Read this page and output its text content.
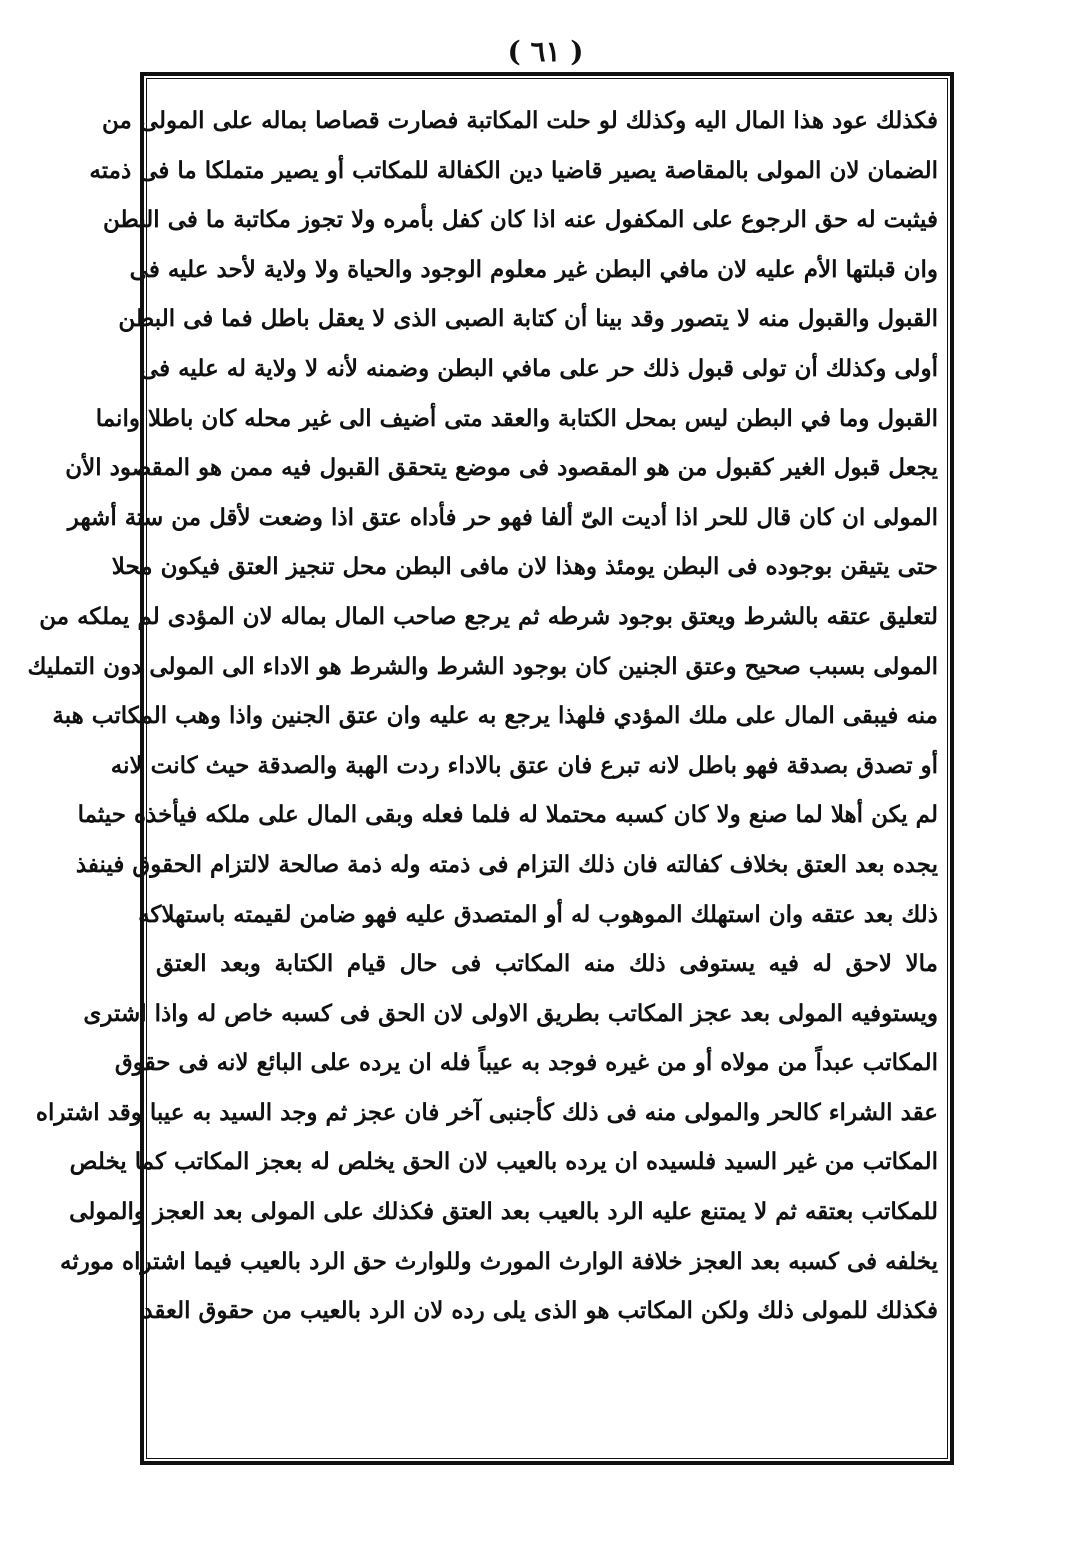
( ٦١ )
فكذلك عود هذا المال اليه وكذلك لو حلت المكاتبة فصارت قصاصا بماله على المولى من
الضمان لان المولى بالمقاصة يصير قاضيا دين الكفالة للمكاتب أو يصير متملكا ما فى ذمته
فيثبت له حق الرجوع على المكفول عنه اذا كان كفل بأمره ولا تجوز مكاتبة ما فى البطن
وان قبلتها الأم عليه لان مافي البطن غير معلوم الوجود والحياة ولا ولاية لأحد عليه فى
القبول والقبول منه لا يتصور وقد بينا أن كتابة الصبى الذى لا يعقل باطل فما فى البطن
أولى وكذلك أن تولى قبول ذلك حر على مافي البطن وضمنه لأنه لا ولاية له عليه فى
القبول وما في البطن ليس بمحل الكتابة والعقد متى أضيف الى غير محله كان باطلا وانما
يجعل قبول الغير كقبول من هو المقصود فى موضع يتحقق القبول فيه ممن هو المقصود الأن
المولى ان كان قال للحر اذا أديت الىّ ألفا فهو حر فأداه عتق اذا وضعت لأقل من ستة أشهر
حتى يتيقن بوجوده فى البطن يومئذ وهذا لان مافى البطن محل تنجيز العتق فيكون محلا
لتعليق عتقه بالشرط ويعتق بوجود شرطه ثم يرجع صاحب المال بماله لان المؤدى لم يملكه من
المولى بسبب صحيح وعتق الجنين كان بوجود الشرط والشرط هو الاداء الى المولى دون التمليك
منه فيبقى المال على ملك المؤدي فلهذا يرجع به عليه وان عتق الجنين واذا وهب المكاتب هبة
أو تصدق بصدقة فهو باطل لانه تبرع فان عتق بالاداء ردت الهبة والصدقة حيث كانت لانه
لم يكن أهلا لما صنع ولا كان كسبه محتملا له فلما فعله وبقى المال على ملكه فيأخذه حيثما
يجده بعد العتق بخلاف كفالته فان ذلك التزام فى ذمته وله ذمة صالحة لالتزام الحقوق فينفذ
ذلك بعد عتقه وان استهلك الموهوب له أو المتصدق عليه فهو ضامن لقيمته باستهلاكه
مالا لاحق له فيه يستوفى ذلك منه المكاتب فى حال قيام الكتابة وبعد العتق
ويستوفيه المولى بعد عجز المكاتب بطريق الاولى لان الحق فى كسبه خاص له واذا اشترى
المكاتب عبداً من مولاه أو من غيره فوجد به عيباً فله ان يرده على البائع لانه فى حقوق
عقد الشراء كالحر والمولى منه فى ذلك كأجنبى آخر فان عجز ثم وجد السيد به عيبا وقد اشتراه
المكاتب من غير السيد فلسيده ان يرده بالعيب لان الحق يخلص له بعجز المكاتب كما يخلص
للمكاتب بعتقه ثم لا يمتنع عليه الرد بالعيب بعد العتق فكذلك على المولى بعد العجز والمولى
يخلفه فى كسبه بعد العجز خلافة الوارث المورث وللوارث حق الرد بالعيب فيما اشتراه مورثه
فكذلك للمولى ذلك ولكن المكاتب هو الذى يلى رده لان الرد بالعيب من حقوق العقد
